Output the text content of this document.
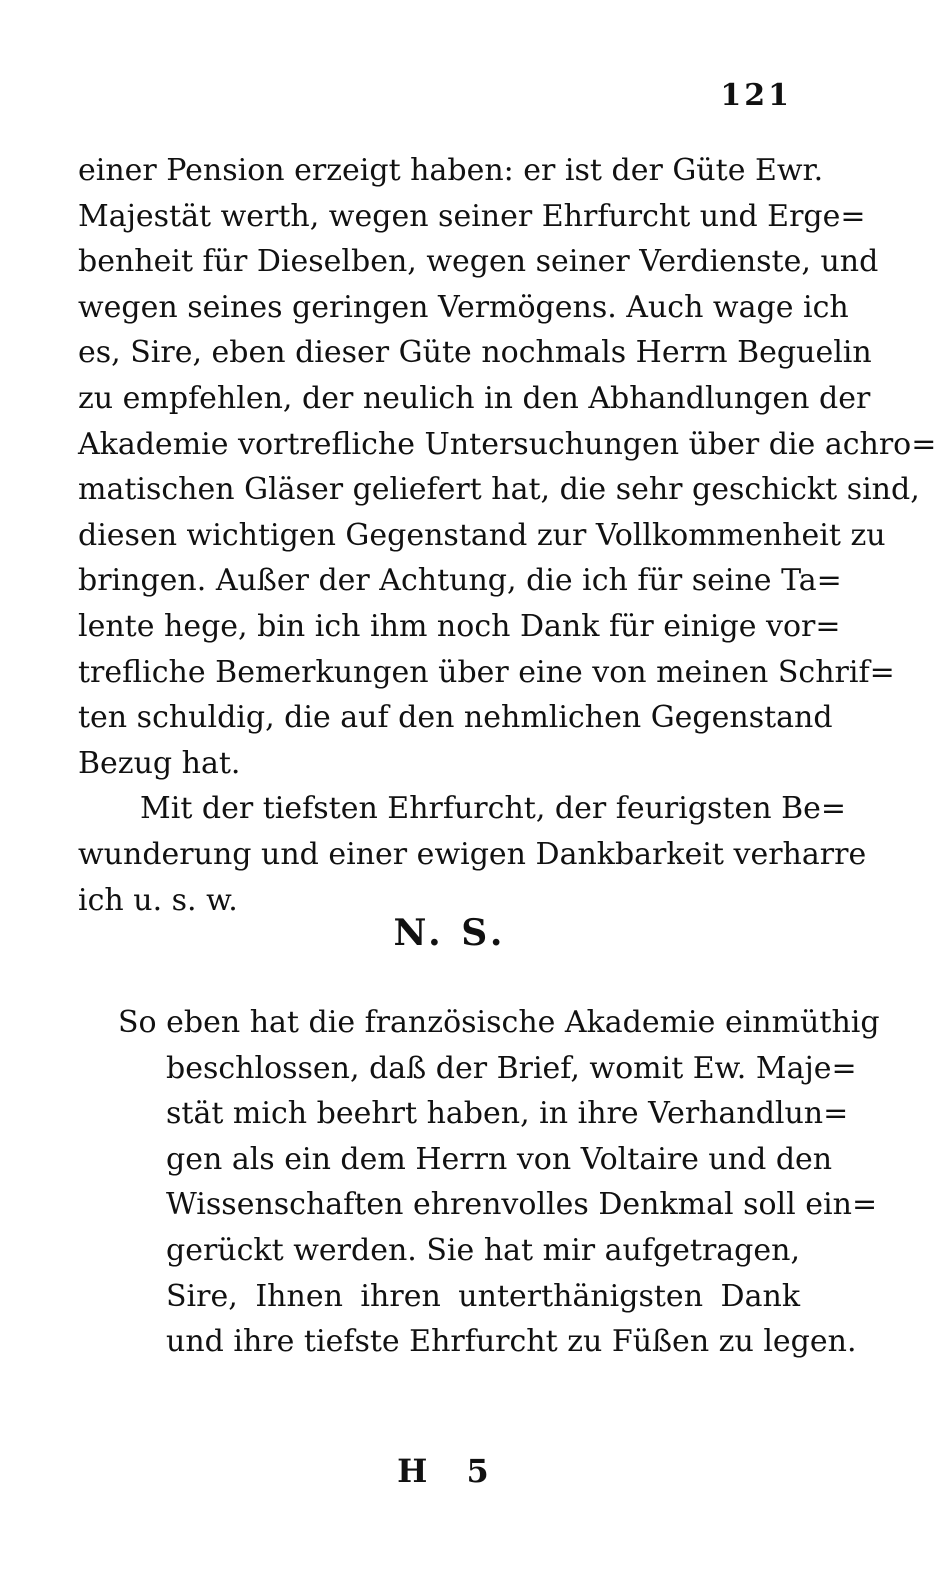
121
einer Pension erzeigt haben: er ist der Güte Ewr.
Majestät werth, wegen seiner Ehrfurcht und Erge=
benheit für Dieselben, wegen seiner Verdienste, und
wegen seines geringen Vermögens. Auch wage ich
es, Sire, eben dieser Güte nochmals Herrn Beguelin
zu empfehlen, der neulich in den Abhandlungen der
Akademie vortrefliche Untersuchungen über die achro=
matischen Gläser geliefert hat, die sehr geschickt sind,
diesen wichtigen Gegenstand zur Vollkommenheit zu
bringen. Außer der Achtung, die ich für seine Ta=
lente hege, bin ich ihm noch Dank für einige vor=
trefliche Bemerkungen über eine von meinen Schrif=
ten schuldig, die auf den nehmlichen Gegenstand
Bezug hat.
Mit der tiefsten Ehrfurcht, der feurigsten Be=
wunderung und einer ewigen Dankbarkeit verharre
ich u. s. w.
N. S.
So eben hat die französische Akademie einmüthig
beschlossen, daß der Brief, womit Ew. Maje=
stät mich beehrt haben, in ihre Verhandlun=
gen als ein dem Herrn von Voltaire und den
Wissenschaften ehrenvolles Denkmal soll ein=
gerückt werden. Sie hat mir aufgetragen,
Sire, Ihnen ihren unterthänigsten Dank
und ihre tiefste Ehrfurcht zu Füßen zu legen.
H 5
